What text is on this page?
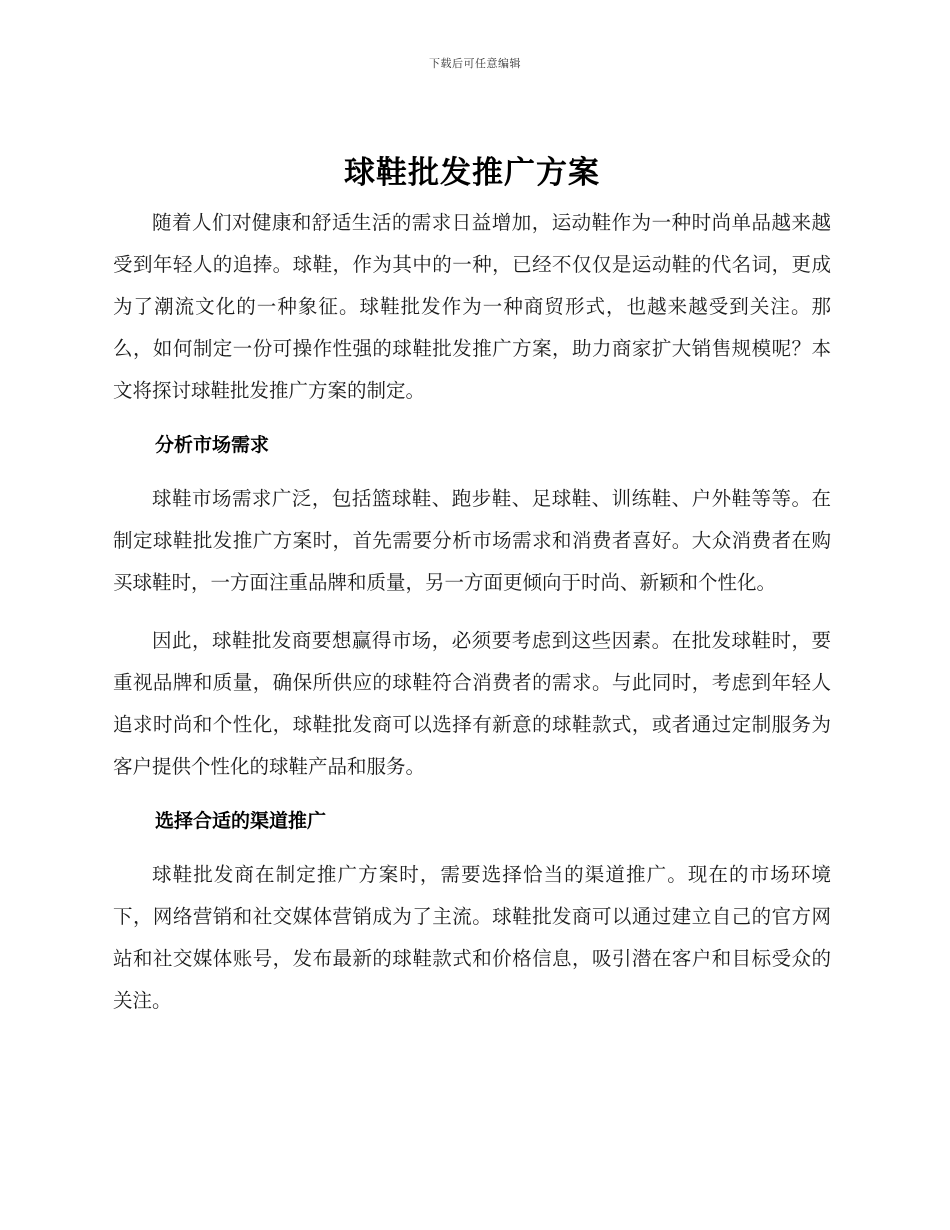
下载后可任意编辑
球鞋批发推广方案

随着人们对健康和舒适生活的需求日益增加，运动鞋作为一种时尚单品越来越受到年轻人的追捧。球鞋，作为其中的一种，已经不仅仅是运动鞋的代名词，更成为了潮流文化的一种象征。球鞋批发作为一种商贸形式，也越来越受到关注。那么，如何制定一份可操作性强的球鞋批发推广方案，助力商家扩大销售规模呢？本文将探讨球鞋批发推广方案的制定。

分析市场需求

球鞋市场需求广泛，包括篮球鞋、跑步鞋、足球鞋、训练鞋、户外鞋等等。在制定球鞋批发推广方案时，首先需要分析市场需求和消费者喜好。大众消费者在购买球鞋时，一方面注重品牌和质量，另一方面更倾向于时尚、新颖和个性化。

因此，球鞋批发商要想赢得市场，必须要考虑到这些因素。在批发球鞋时，要重视品牌和质量，确保所供应的球鞋符合消费者的需求。与此同时，考虑到年轻人追求时尚和个性化，球鞋批发商可以选择有新意的球鞋款式，或者通过定制服务为客户提供个性化的球鞋产品和服务。

选择合适的渠道推广

球鞋批发商在制定推广方案时，需要选择恰当的渠道推广。现在的市场环境下，网络营销和社交媒体营销成为了主流。球鞋批发商可以通过建立自己的官方网站和社交媒体账号，发布最新的球鞋款式和价格信息，吸引潜在客户和目标受众的关注。
